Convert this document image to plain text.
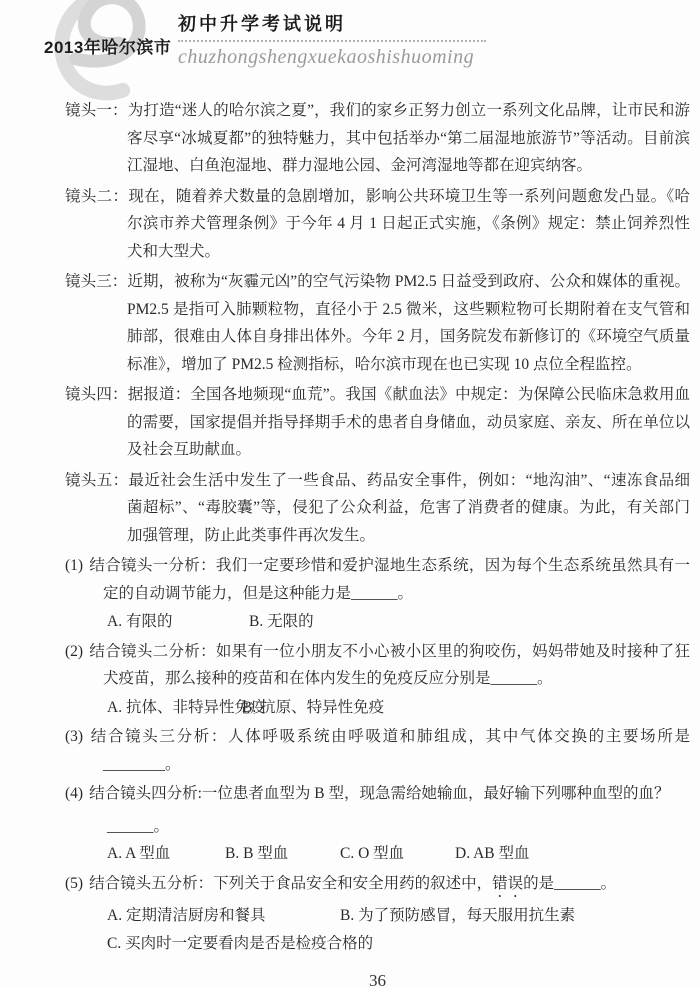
2013年哈尔滨市
初中升学考试说明
chuzhongshengxuekaoshishuoming
镜头一：为打造“迷人的哈尔滨之夏”，我们的家乡正努力创立一系列文化品牌，让市民和游客尽享“冰城夏都”的独特魅力，其中包括举办“第二届湿地旅游节”等活动。目前滨江湿地、白鱼泡湿地、群力湿地公园、金河湾湿地等都在迎宾纳客。
镜头二：现在，随着养犬数量的急剧增加，影响公共环境卫生等一系列问题愈发凸显。《哈尔滨市养犬管理条例》于今年 4 月 1 日起正式实施，《条例》规定：禁止饲养烈性犬和大型犬。
镜头三：近期，被称为“灰霾元凶”的空气污染物 PM2.5 日益受到政府、公众和媒体的重视。PM2.5 是指可入肺颗粒物，直径小于 2.5 微米，这些颗粒物可长期附着在支气管和肺部，很难由人体自身排出体外。今年 2 月，国务院发布新修订的《环境空气质量标准》，增加了 PM2.5 检测指标，哈尔滨市现在也已实现 10 点位全程监控。
镜头四：据报道：全国各地频现“血荒”。我国《献血法》中规定：为保障公民临床急救用血的需要，国家提倡并指导择期手术的患者自身储血，动员家庭、亲友、所在单位以及社会互助献血。
镜头五：最近社会生活中发生了一些食品、药品安全事件，例如：“地沟油”、“速冻食品细菌超标”、“毒胶囊”等，侵犯了公众利益，危害了消费者的健康。为此，有关部门加强管理，防止此类事件再次发生。
(1) 结合镜头一分析：我们一定要珍惜和爱护湿地生态系统，因为每个生态系统虽然具有一定的自动调节能力，但是这种能力是______。
A. 有限的	B. 无限的
(2) 结合镜头二分析：如果有一位小朋友不小心被小区里的狗咬伤，妈妈带她及时接种了狂犬疫苗，那么接种的疫苗和在体内发生的免疫反应分别是______。
A. 抗体、非特异性免疫B. 抗原、特异性免疫
(3) 结合镜头三分析：人体呼吸系统由呼吸道和肺组成，其中气体交换的主要场所是________。
(4) 结合镜头四分析:一位患者血型为 B 型，现急需给她输血，最好输下列哪种血型的血？
______。
A. A 型血	B. B 型血	C. O 型血	D. AB 型血
(5) 结合镜头五分析：下列关于食品安全和安全用药的叙述中，错误的是______。
A. 定期清洁厨房和餐具	B. 为了预防感冒，每天服用抗生素
C. 买肉时一定要看肉是否是检疫合格的
36
